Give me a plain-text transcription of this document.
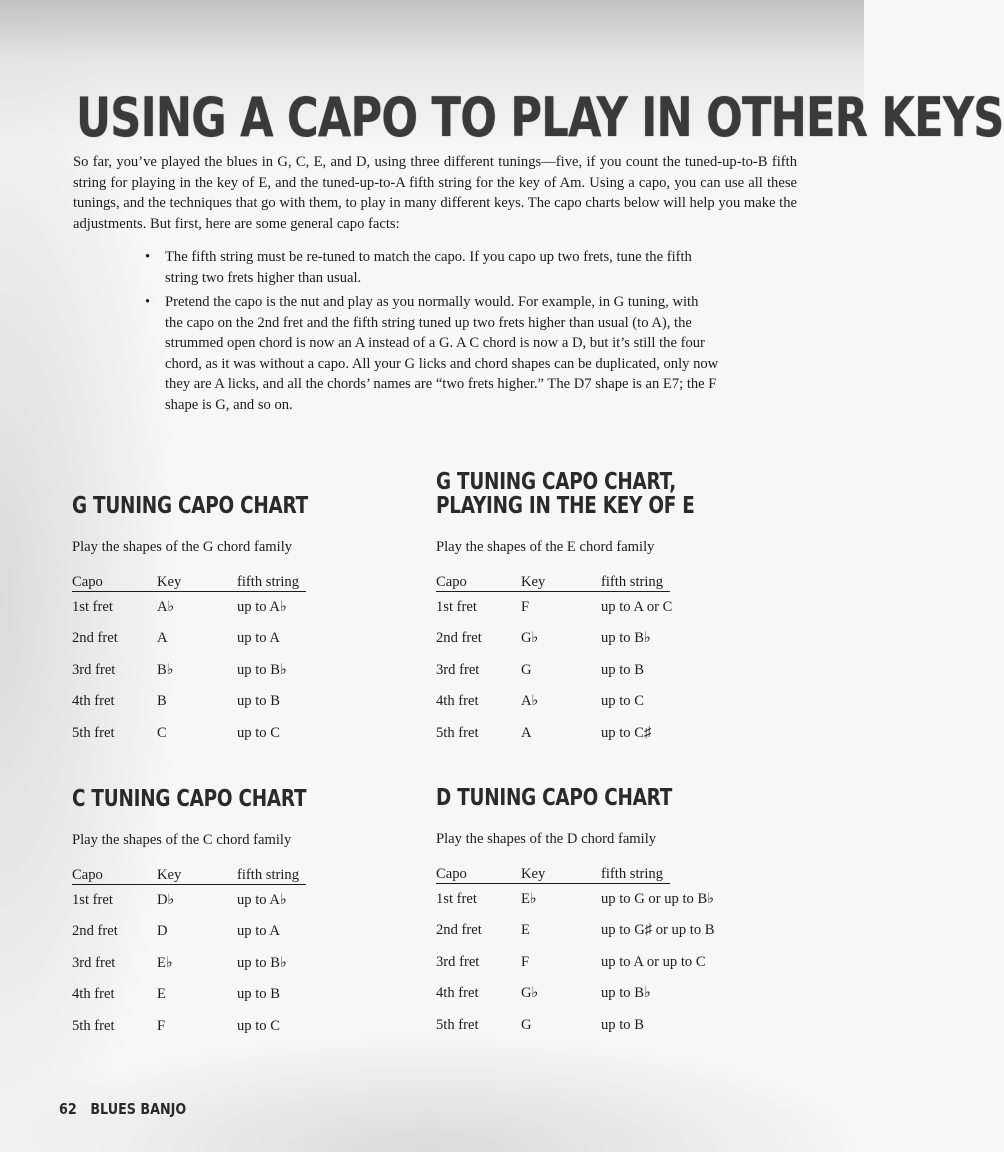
USING A CAPO TO PLAY IN OTHER KEYS

So far, you’ve played the blues in G, C, E, and D, using three different tunings—five, if you count the tuned-up-to-B fifth string for playing in the key of E, and the tuned-up-to-A fifth string for the key of Am. Using a capo, you can use all these tunings, and the techniques that go with them, to play in many different keys. The capo charts below will help you make the adjustments. But first, here are some general capo facts:

• The fifth string must be re-tuned to match the capo. If you capo up two frets, tune the fifth string two frets higher than usual.
• Pretend the capo is the nut and play as you normally would. For example, in G tuning, with the capo on the 2nd fret and the fifth string tuned up two frets higher than usual (to A), the strummed open chord is now an A instead of a G. A C chord is now a D, but it’s still the four chord, as it was without a capo. All your G licks and chord shapes can be duplicated, only now they are A licks, and all the chords’ names are “two frets higher.” The D7 shape is an E7; the F shape is G, and so on.
G TUNING CAPO CHART

Play the shapes of the G chord family

Capo	Key	fifth string
1st fret	A♭	up to A♭
2nd fret	A	up to A
3rd fret	B♭	up to B♭
4th fret	B	up to B
5th fret	C	up to C
G TUNING CAPO CHART,
PLAYING IN THE KEY OF E

Play the shapes of the E chord family

Capo	Key	fifth string
1st fret	F	up to A or C
2nd fret	G♭	up to B♭
3rd fret	G	up to B
4th fret	A♭	up to C
5th fret	A	up to C♯
C TUNING CAPO CHART

Play the shapes of the C chord family

Capo	Key	fifth string
1st fret	D♭	up to A♭
2nd fret	D	up to A
3rd fret	E♭	up to B♭
4th fret	E	up to B
5th fret	F	up to C
D TUNING CAPO CHART

Play the shapes of the D chord family

Capo	Key	fifth string
1st fret	E♭	up to G or up to B♭
2nd fret	E	up to G♯ or up to B
3rd fret	F	up to A or up to C
4th fret	G♭	up to B♭
5th fret	G	up to B
62 BLUES BANJO
